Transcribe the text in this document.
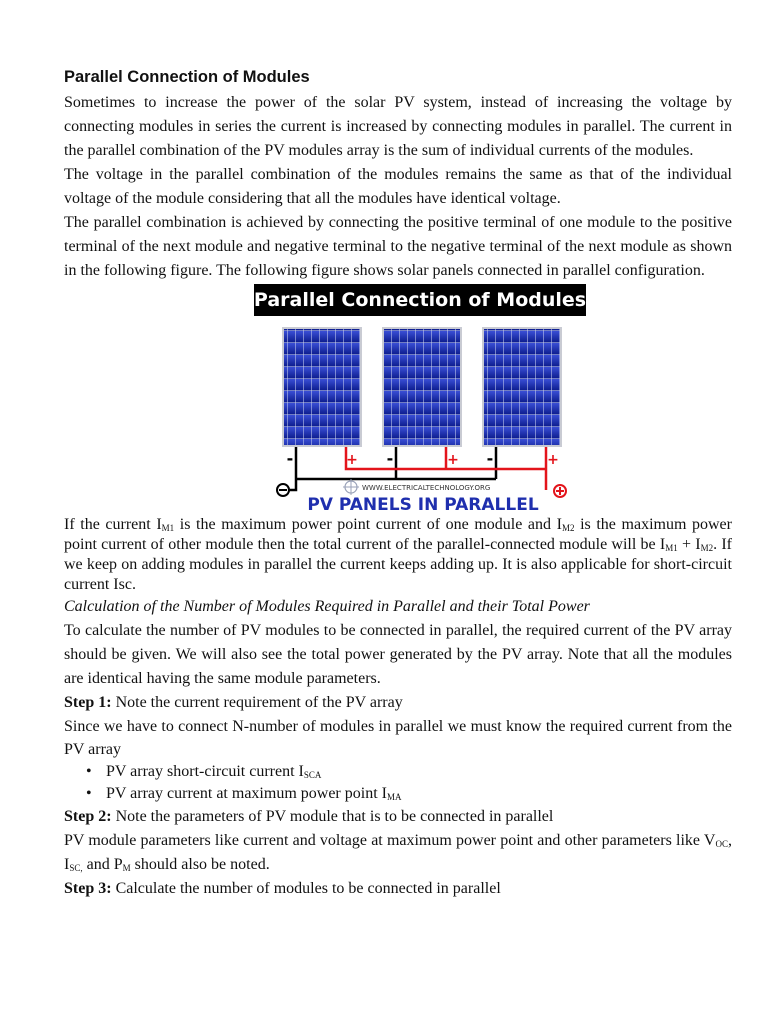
Parallel Connection of Modules

Sometimes to increase the power of the solar PV system, instead of increasing the voltage by connecting modules in series the current is increased by connecting modules in parallel. The current in the parallel combination of the PV modules array is the sum of individual currents of the modules.

The voltage in the parallel combination of the modules remains the same as that of the individual voltage of the module considering that all the modules have identical voltage.

The parallel combination is achieved by connecting the positive terminal of one module to the positive terminal of the next module and negative terminal to the negative terminal of the next module as shown in the following figure. The following figure shows solar panels connected in parallel configuration.

Parallel Connection of Modules
-	+ -	+ -	+
WWW.ELECTRICALTECHNOLOGY.ORG
PV PANELS IN PARALLEL

If the current $I_{M1}$ is the maximum power point current of one module and $I_{M2}$ is the maximum power point current of other module then the total current of the parallel-connected module will be $I_{M1} + I_{M2}$. If we keep on adding modules in parallel the current keeps adding up. It is also applicable for short-circuit current Isc.

Calculation of the Number of Modules Required in Parallel and their Total Power

To calculate the number of PV modules to be connected in parallel, the required current of the PV array should be given. We will also see the total power generated by the PV array. Note that all the modules are identical having the same module parameters.

Step 1: Note the current requirement of the PV array

Since we have to connect N-number of modules in parallel we must know the required current from the PV array

• PV array short-circuit current $I_{SCA}$
• PV array current at maximum power point $I_{MA}$

Step 2: Note the parameters of PV module that is to be connected in parallel

PV module parameters like current and voltage at maximum power point and other parameters like $V_{OC}$, $I_{SC,}$ and $P_M$ should also be noted.

Step 3: Calculate the number of modules to be connected in parallel
